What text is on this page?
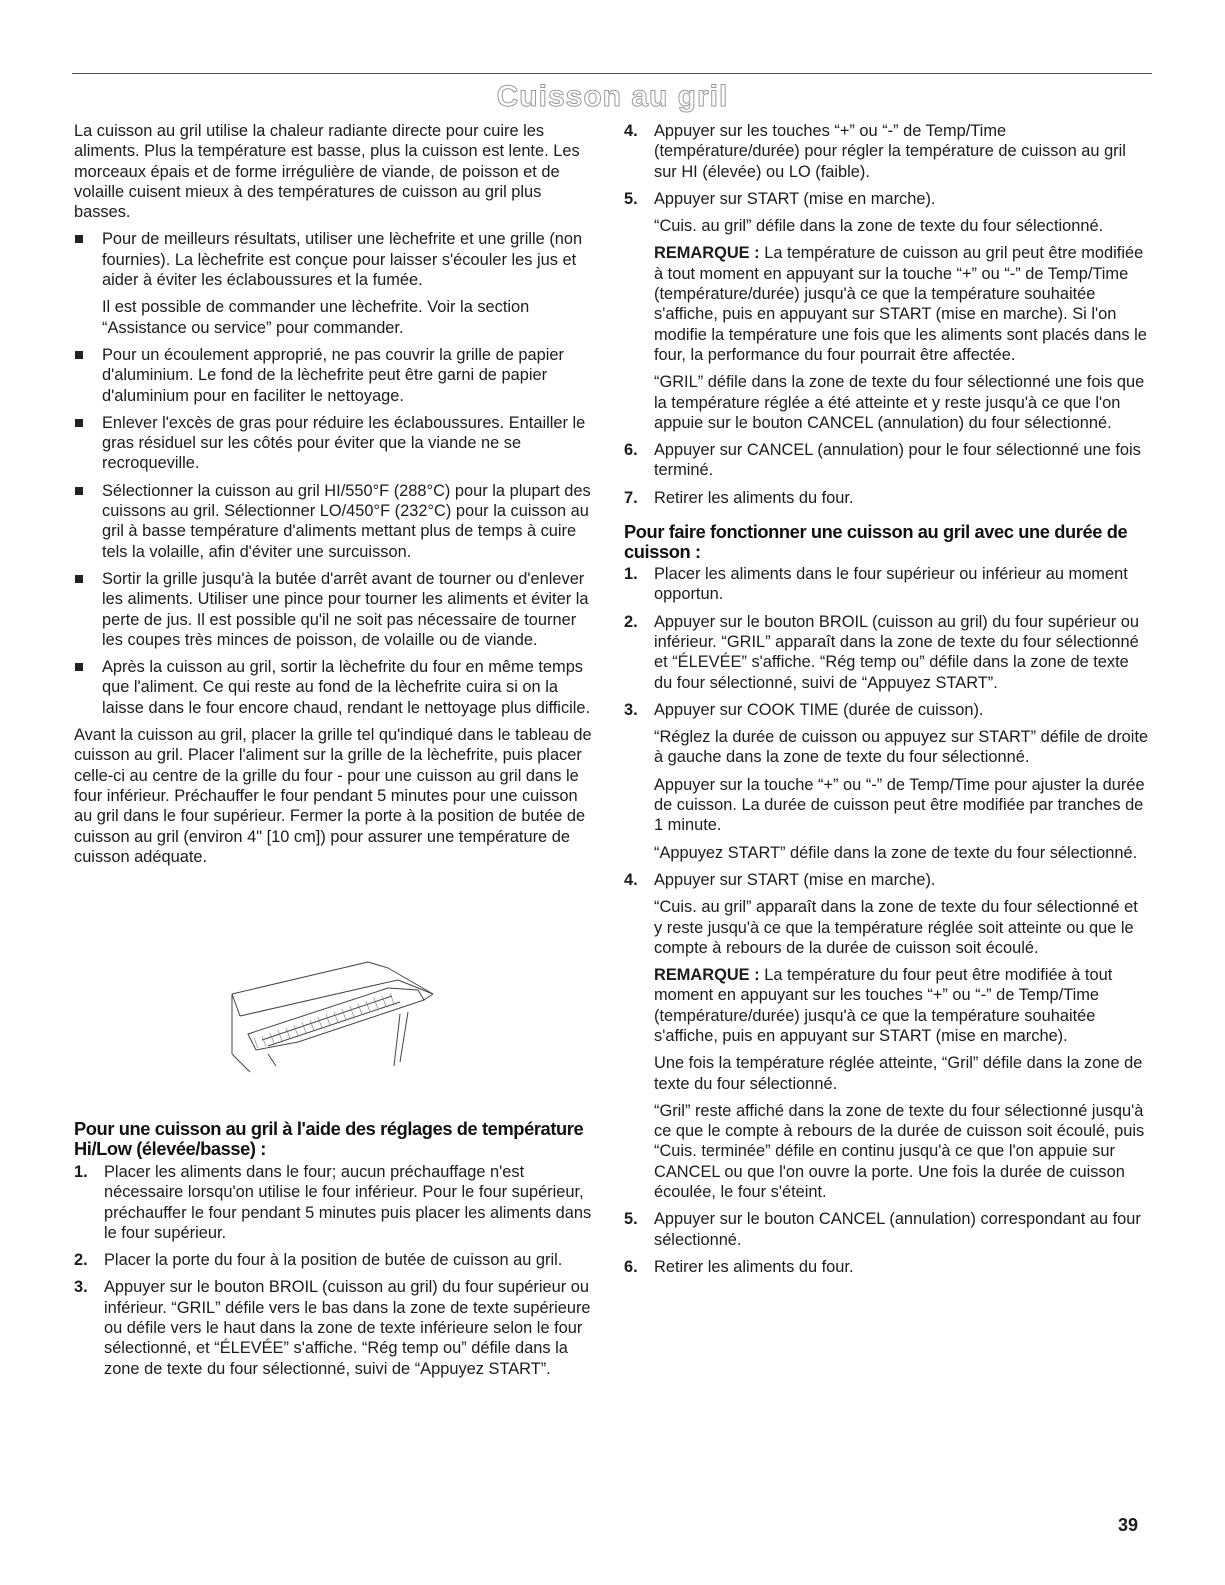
Cuisson au gril

La cuisson au gril utilise la chaleur radiante directe pour cuire les aliments. Plus la température est basse, plus la cuisson est lente. Les morceaux épais et de forme irrégulière de viande, de poisson et de volaille cuisent mieux à des températures de cuisson au gril plus basses.

Pour de meilleurs résultats, utiliser une lèchefrite et une grille (non fournies). La lèchefrite est conçue pour laisser s'écouler les jus et aider à éviter les éclaboussures et la fumée.
Il est possible de commander une lèchefrite. Voir la section “Assistance ou service” pour commander.
Pour un écoulement approprié, ne pas couvrir la grille de papier d'aluminium. Le fond de la lèchefrite peut être garni de papier d'aluminium pour en faciliter le nettoyage.
Enlever l'excès de gras pour réduire les éclaboussures. Entailler le gras résiduel sur les côtés pour éviter que la viande ne se recroqueville.
Sélectionner la cuisson au gril HI/550°F (288°C) pour la plupart des cuissons au gril. Sélectionner LO/450°F (232°C) pour la cuisson au gril à basse température d'aliments mettant plus de temps à cuire tels la volaille, afin d'éviter une surcuisson.
Sortir la grille jusqu'à la butée d'arrêt avant de tourner ou d'enlever les aliments. Utiliser une pince pour tourner les aliments et éviter la perte de jus. Il est possible qu'il ne soit pas nécessaire de tourner les coupes très minces de poisson, de volaille ou de viande.
Après la cuisson au gril, sortir la lèchefrite du four en même temps que l'aliment. Ce qui reste au fond de la lèchefrite cuira si on la laisse dans le four encore chaud, rendant le nettoyage plus difficile.

Avant la cuisson au gril, placer la grille tel qu'indiqué dans le tableau de cuisson au gril. Placer l'aliment sur la grille de la lèchefrite, puis placer celle-ci au centre de la grille du four - pour une cuisson au gril dans le four inférieur. Préchauffer le four pendant 5 minutes pour une cuisson au gril dans le four supérieur. Fermer la porte à la position de butée de cuisson au gril (environ 4" [10 cm]) pour assurer une température de cuisson adéquate.

Pour une cuisson au gril à l'aide des réglages de température Hi/Low (élevée/basse) :
1. Placer les aliments dans le four; aucun préchauffage n'est nécessaire lorsqu'on utilise le four inférieur. Pour le four supérieur, préchauffer le four pendant 5 minutes puis placer les aliments dans le four supérieur.
2. Placer la porte du four à la position de butée de cuisson au gril.
3. Appuyer sur le bouton BROIL (cuisson au gril) du four supérieur ou inférieur. “GRIL” défile vers le bas dans la zone de texte supérieure ou défile vers le haut dans la zone de texte inférieure selon le four sélectionné, et “ÉLEVÉE” s'affiche. “Rég temp ou” défile dans la zone de texte du four sélectionné, suivi de “Appuyez START”.
4. Appuyer sur les touches “+” ou “-” de Temp/Time (température/durée) pour régler la température de cuisson au gril sur HI (élevée) ou LO (faible).
5. Appuyer sur START (mise en marche).
“Cuis. au gril” défile dans la zone de texte du four sélectionné.
REMARQUE : La température de cuisson au gril peut être modifiée à tout moment en appuyant sur la touche “+” ou “-” de Temp/Time (température/durée) jusqu'à ce que la température souhaitée s'affiche, puis en appuyant sur START (mise en marche). Si l'on modifie la température une fois que les aliments sont placés dans le four, la performance du four pourrait être affectée.
“GRIL” défile dans la zone de texte du four sélectionné une fois que la température réglée a été atteinte et y reste jusqu'à ce que l'on appuie sur le bouton CANCEL (annulation) du four sélectionné.
6. Appuyer sur CANCEL (annulation) pour le four sélectionné une fois terminé.
7. Retirer les aliments du four.
Pour faire fonctionner une cuisson au gril avec une durée de cuisson :
1. Placer les aliments dans le four supérieur ou inférieur au moment opportun.
2. Appuyer sur le bouton BROIL (cuisson au gril) du four supérieur ou inférieur. “GRIL” apparaît dans la zone de texte du four sélectionné et “ÉLEVÉE” s'affiche. “Rég temp ou” défile dans la zone de texte du four sélectionné, suivi de “Appuyez START”.
3. Appuyer sur COOK TIME (durée de cuisson).
“Réglez la durée de cuisson ou appuyez sur START” défile de droite à gauche dans la zone de texte du four sélectionné.
Appuyer sur la touche “+” ou “-” de Temp/Time pour ajuster la durée de cuisson. La durée de cuisson peut être modifiée par tranches de 1 minute.
“Appuyez START” défile dans la zone de texte du four sélectionné.
4. Appuyer sur START (mise en marche).
“Cuis. au gril” apparaît dans la zone de texte du four sélectionné et y reste jusqu'à ce que la température réglée soit atteinte ou que le compte à rebours de la durée de cuisson soit écoulé.
REMARQUE : La température du four peut être modifiée à tout moment en appuyant sur les touches “+” ou “-” de Temp/Time (température/durée) jusqu'à ce que la température souhaitée s'affiche, puis en appuyant sur START (mise en marche).
Une fois la température réglée atteinte, “Gril” défile dans la zone de texte du four sélectionné.
“Gril” reste affiché dans la zone de texte du four sélectionné jusqu'à ce que le compte à rebours de la durée de cuisson soit écoulé, puis “Cuis. terminée” défile en continu jusqu'à ce que l'on appuie sur CANCEL ou que l'on ouvre la porte. Une fois la durée de cuisson écoulée, le four s'éteint.
5. Appuyer sur le bouton CANCEL (annulation) correspondant au four sélectionné.
6. Retirer les aliments du four.
39
